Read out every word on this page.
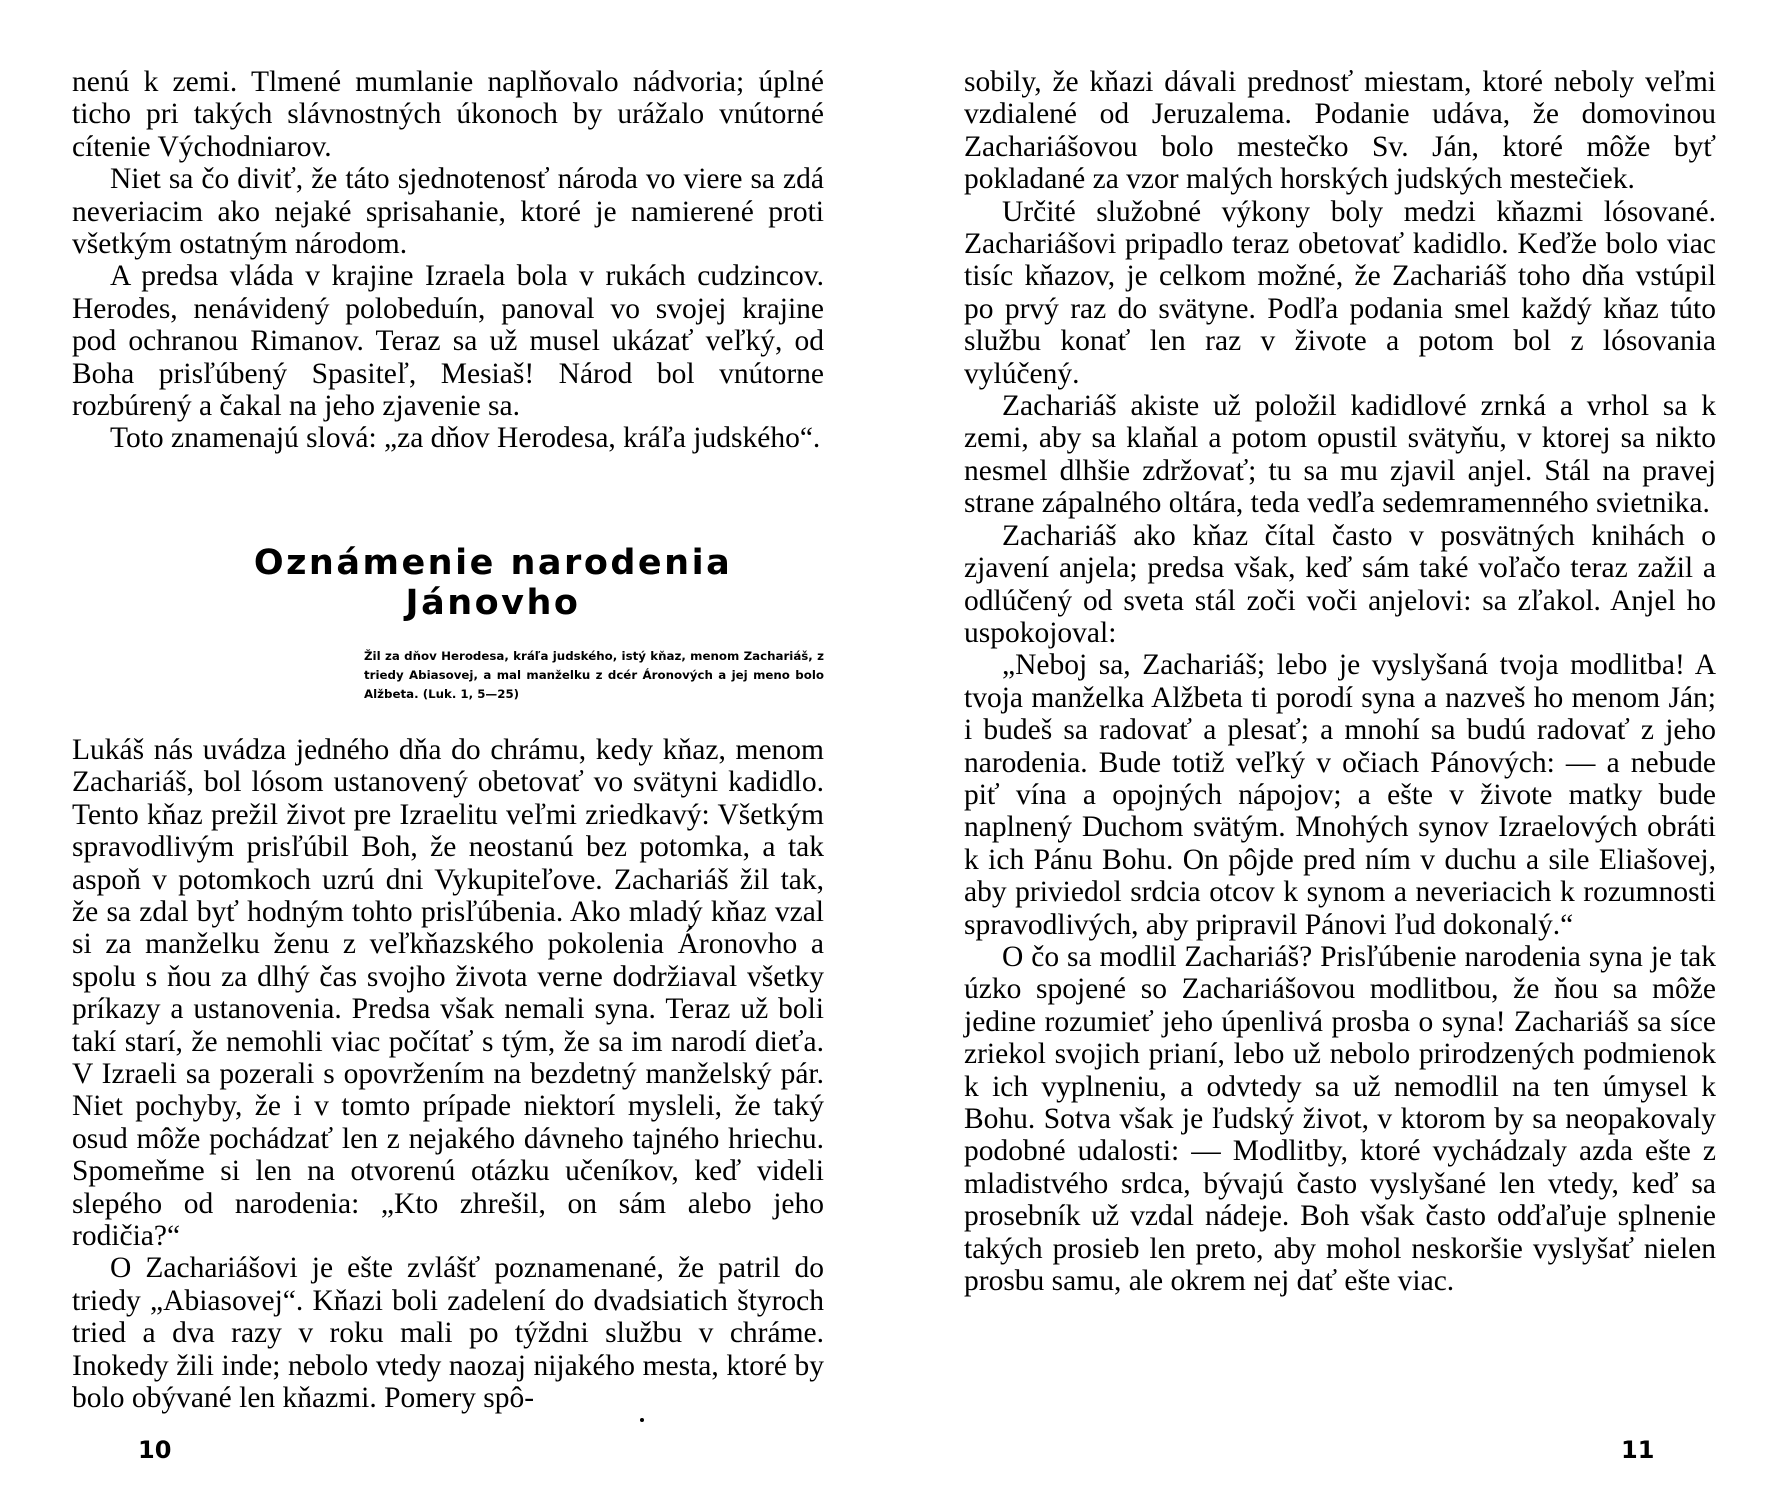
nenú k zemi. Tlmené mumlanie naplňovalo nádvoria; úplné ticho pri takých slávnostných úkonoch by urážalo vnútorné cítenie Východniarov.

Niet sa čo diviť, že táto sjednotenosť národa vo viere sa zdá neveriacim ako nejaké sprisahanie, ktoré je namierené proti všetkým ostatným národom.

A predsa vláda v krajine Izraela bola v rukách cudzincov. Herodes, nenávidený polobeduín, panoval vo svojej krajine pod ochranou Rimanov. Teraz sa už musel ukázať veľký, od Boha prisľúbený Spasiteľ, Mesiaš! Národ bol vnútorne rozbúrený a čakal na jeho zjavenie sa.

Toto znamenajú slová: „za dňov Herodesa, kráľa judského“.

Oznámenie narodenia Jánovho
Žil za dňov Herodesa, kráľa judského, istý kňaz, menom Zachariáš, z triedy Abiasovej, a mal manželku z dcér Áronových a jej meno bolo Alžbeta. (Luk. 1, 5—25)

Lukáš nás uvádza jedného dňa do chrámu, kedy kňaz, menom Zachariáš, bol lósom ustanovený obetovať vo svätyni kadidlo. Tento kňaz prežil život pre Izraelitu veľmi zriedkavý: Všetkým spravodlivým prisľúbil Boh, že neostanú bez potomka, a tak aspoň v potomkoch uzrú dni Vykupiteľove. Zachariáš žil tak, že sa zdal byť hodným tohto prisľúbenia. Ako mladý kňaz vzal si za manželku ženu z veľkňazského pokolenia Áronovho a spolu s ňou za dlhý čas svojho života verne dodržiaval všetky príkazy a ustanovenia. Predsa však nemali syna. Teraz už boli takí starí, že nemohli viac počítať s tým, že sa im narodí dieťa. V Izraeli sa pozerali s opovržením na bezdetný manželský pár. Niet pochyby, že i v tomto prípade niektorí mysleli, že taký osud môže pochádzať len z nejakého dávneho tajného hriechu. Spomeňme si len na otvorenú otázku učeníkov, keď videli slepého od narodenia: „Kto zhrešil, on sám alebo jeho rodičia?“

O Zachariášovi je ešte zvlášť poznamenané, že patril do triedy „Abiasovej“. Kňazi boli zadelení do dvadsiatich štyroch tried a dva razy v roku mali po týždni službu v chráme. Inokedy žili inde; nebolo vtedy naozaj nijakého mesta, ktoré by bolo obývané len kňazmi. Pomery spô-

10

sobily, že kňazi dávali prednosť miestam, ktoré neboly veľmi vzdialené od Jeruzalema. Podanie udáva, že domovinou Zachariášovou bolo mestečko Sv. Ján, ktoré môže byť pokladané za vzor malých horských judských mestečiek.

Určité služobné výkony boly medzi kňazmi lósované. Zachariášovi pripadlo teraz obetovať kadidlo. Keďže bolo viac tisíc kňazov, je celkom možné, že Zachariáš toho dňa vstúpil po prvý raz do svätyne. Podľa podania smel každý kňaz túto službu konať len raz v živote a potom bol z lósovania vylúčený.

Zachariáš akiste už položil kadidlové zrnká a vrhol sa k zemi, aby sa klaňal a potom opustil svätyňu, v ktorej sa nikto nesmel dlhšie zdržovať; tu sa mu zjavil anjel. Stál na pravej strane zápalného oltára, teda vedľa sedemramenného svietnika.

Zachariáš ako kňaz čítal často v posvätných knihách o zjavení anjela; predsa však, keď sám také voľačo teraz zažil a odlúčený od sveta stál zoči voči anjelovi: sa zľakol. Anjel ho uspokojoval:

„Neboj sa, Zachariáš; lebo je vyslyšaná tvoja modlitba! A tvoja manželka Alžbeta ti porodí syna a nazveš ho menom Ján; i budeš sa radovať a plesať; a mnohí sa budú radovať z jeho narodenia. Bude totiž veľký v očiach Pánových: — a nebude piť vína a opojných nápojov; a ešte v živote matky bude naplnený Duchom svätým. Mnohých synov Izraelových obráti k ich Pánu Bohu. On pôjde pred ním v duchu a sile Eliašovej, aby priviedol srdcia otcov k synom a neveriacich k rozumnosti spravodlivých, aby pripravil Pánovi ľud dokonalý.“

O čo sa modlil Zachariáš? Prisľúbenie narodenia syna je tak úzko spojené so Zachariášovou modlitbou, že ňou sa môže jedine rozumieť jeho úpenlivá prosba o syna! Zachariáš sa síce zriekol svojich prianí, lebo už nebolo prirodzených podmienok k ich vyplneniu, a odvtedy sa už nemodlil na ten úmysel k Bohu. Sotva však je ľudský život, v ktorom by sa neopakovaly podobné udalosti: — Modlitby, ktoré vychádzaly azda ešte z mladistvého srdca, bývajú často vyslyšané len vtedy, keď sa prosebník už vzdal nádeje. Boh však často odďaľuje splnenie takých prosieb len preto, aby mohol neskoršie vyslyšať nielen prosbu samu, ale okrem nej dať ešte viac.

11
